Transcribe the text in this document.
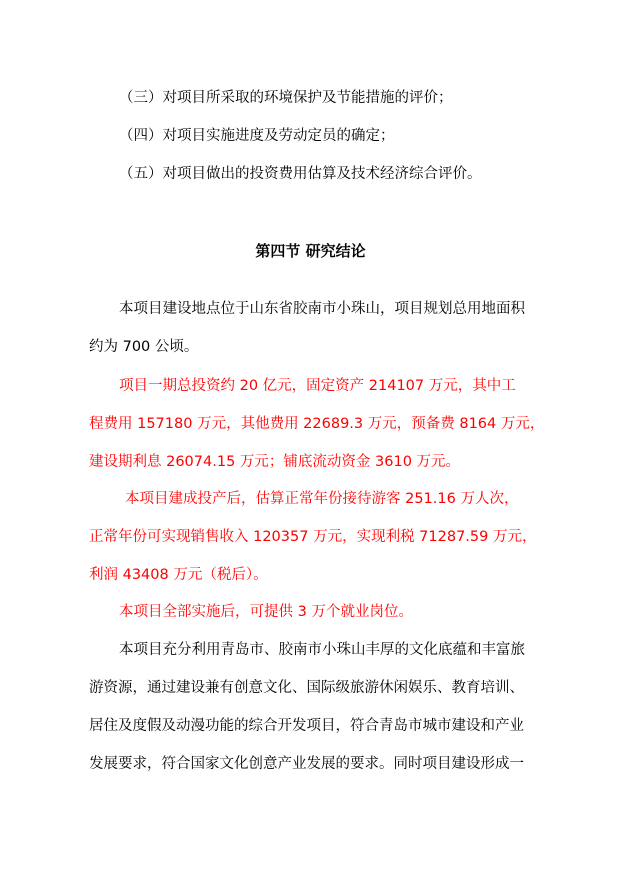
（三）对项目所采取的环境保护及节能措施的评价；
（四）对项目实施进度及劳动定员的确定；
（五）对项目做出的投资费用估算及技术经济综合评价。
第四节 研究结论
本项目建设地点位于山东省胶南市小珠山，项目规划总用地面积
约为 700 公顷。
项目一期总投资约 20 亿元，固定资产 214107 万元，其中工
程费用 157180 万元，其他费用 22689.3 万元，预备费 8164 万元，
建设期利息 26074.15 万元；铺底流动资金 3610 万元。
本项目建成投产后，估算正常年份接待游客 251.16 万人次，
正常年份可实现销售收入 120357 万元，实现利税 71287.59 万元，
利润 43408 万元（税后）。
本项目全部实施后，可提供 3 万个就业岗位。
本项目充分利用青岛市、胶南市小珠山丰厚的文化底蕴和丰富旅
游资源，通过建设兼有创意文化、国际级旅游休闲娱乐、教育培训、
居住及度假及动漫功能的综合开发项目，符合青岛市城市建设和产业
发展要求，符合国家文化创意产业发展的要求。同时项目建设形成一
